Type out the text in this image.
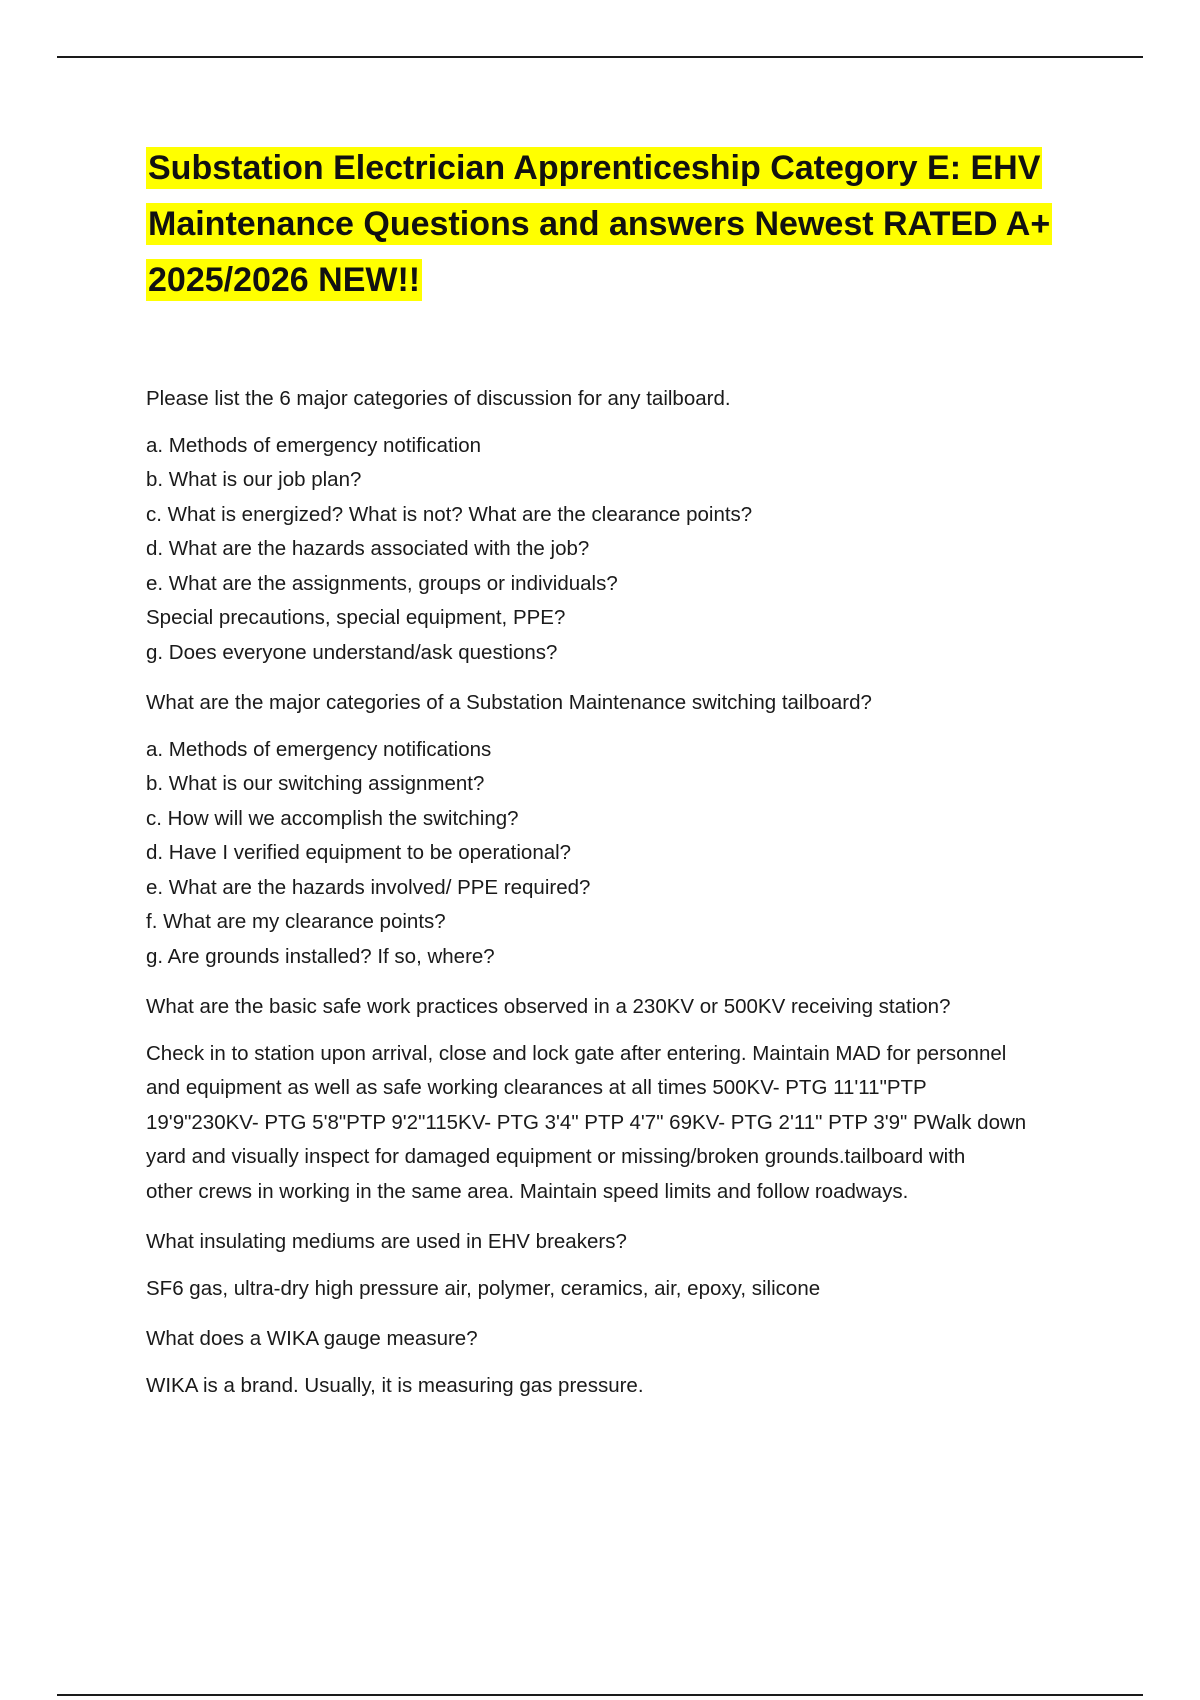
Substation Electrician Apprenticeship Category E: EHV
Maintenance Questions and answers Newest RATED A+
2025/2026 NEW!!

Please list the 6 major categories of discussion for any tailboard.

a. Methods of emergency notification
b. What is our job plan?
c. What is energized? What is not? What are the clearance points?
d. What are the hazards associated with the job?
e. What are the assignments, groups or individuals?
Special precautions, special equipment, PPE?
g. Does everyone understand/ask questions?

What are the major categories of a Substation Maintenance switching tailboard?

a. Methods of emergency notifications
b. What is our switching assignment?
c. How will we accomplish the switching?
d. Have I verified equipment to be operational?
e. What are the hazards involved/ PPE required?
f. What are my clearance points?
g. Are grounds installed? If so, where?

What are the basic safe work practices observed in a 230KV or 500KV receiving station?

Check in to station upon arrival, close and lock gate after entering. Maintain MAD for personnel
and equipment as well as safe working clearances at all times 500KV- PTG 11'11"PTP
19'9"230KV- PTG 5'8"PTP 9'2"115KV- PTG 3'4" PTP 4'7" 69KV- PTG 2'11" PTP 3'9" PWalk down
yard and visually inspect for damaged equipment or missing/broken grounds.tailboard with
other crews in working in the same area. Maintain speed limits and follow roadways.

What insulating mediums are used in EHV breakers?

SF6 gas, ultra-dry high pressure air, polymer, ceramics, air, epoxy, silicone

What does a WIKA gauge measure?

WIKA is a brand. Usually, it is measuring gas pressure.
